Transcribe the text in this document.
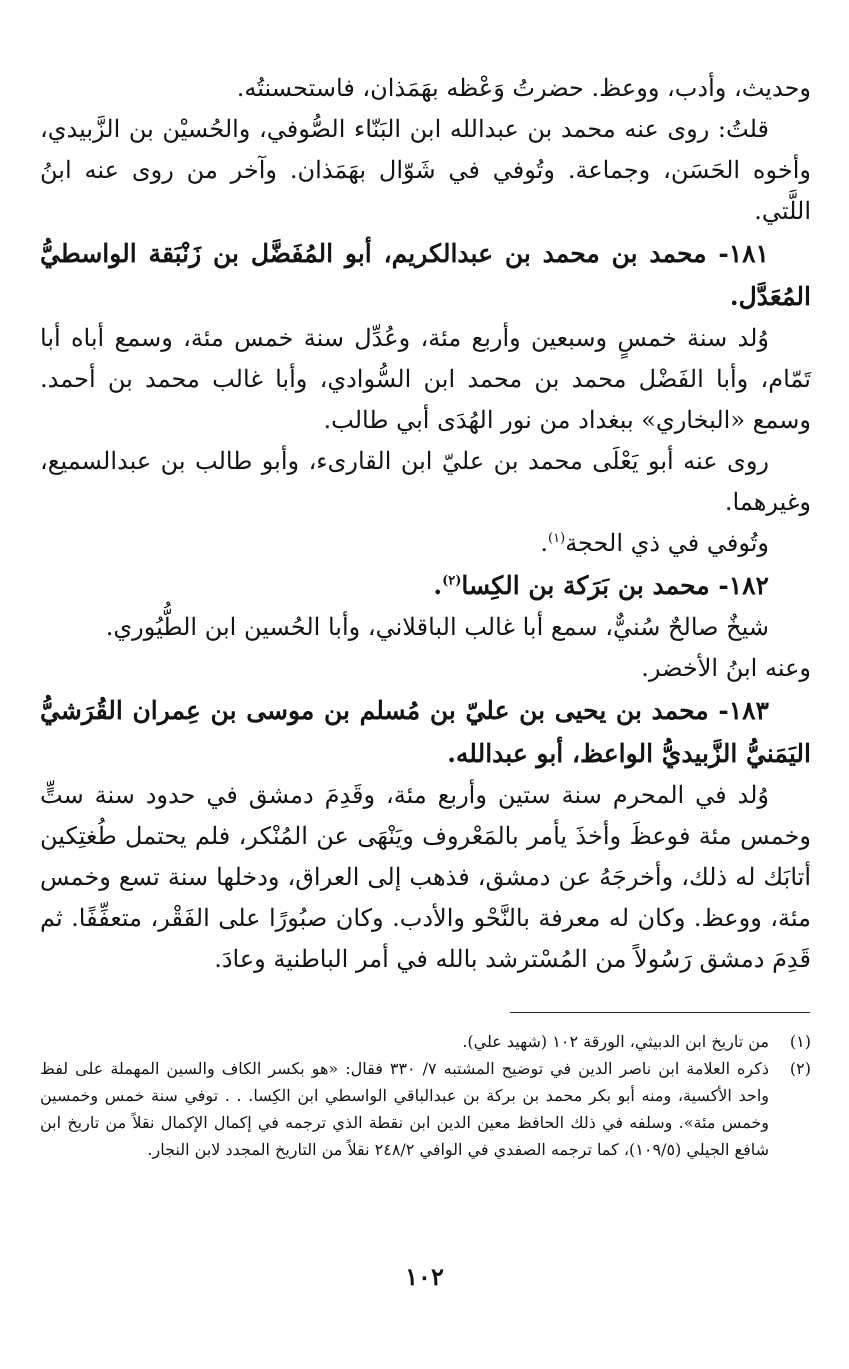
وحديث، وأدب، ووعظ. حضرتُ وَعْظه بهَمَذان، فاستحسنتُه.

قلتُ: روى عنه محمد بن عبدالله ابن البَنّاء الصُّوفي، والحُسيْن بن الزَّبيدي، وأخوه الحَسَن، وجماعة. وتُوفي في شَوّال بهَمَذان. وآخر من روى عنه ابنُ اللَّتي.

١٨١- محمد بن محمد بن عبدالكريم، أبو المُفَضَّل بن زَنْبَقة الواسطيُّ المُعَدَّل.

وُلد سنة خمسٍ وسبعين وأربع مئة، وعُدِّل سنة خمس مئة، وسمع أباه أبا تَمّام، وأبا الفَضْل محمد بن محمد ابن السُّوادي، وأبا غالب محمد بن أحمد. وسمع «البخاري» ببغداد من نور الهُدَى أبي طالب.

روى عنه أبو يَعْلَى محمد بن عليّ ابن القارىء، وأبو طالب بن عبدالسميع، وغيرهما.

وتُوفي في ذي الحجة$^{(١)}$.

١٨٢- محمد بن بَرَكة بن الكِسا$^{(٢)}$.

شيخٌ صالحٌ سُنيٌّ، سمع أبا غالب الباقلاني، وأبا الحُسين ابن الطُّيُوري.

وعنه ابنُ الأخضر.

١٨٣- محمد بن يحيى بن عليّ بن مُسلم بن موسى بن عِمران القُرَشيُّ اليَمَنيُّ الزَّبيديُّ الواعظ، أبو عبدالله.

وُلد في المحرم سنة ستين وأربع مئة، وقَدِمَ دمشق في حدود سنة ستٍّ وخمس مئة فوعظَ وأخذَ يأمر بالمَعْروف ويَنْهَى عن المُنْكر، فلم يحتمل طُغتِكين أتابَك له ذلك، وأخرجَهُ عن دمشق، فذهب إلى العراق، ودخلها سنة تسع وخمس مئة، ووعظ. وكان له معرفة بالنَّحْو والأدب. وكان صبُورًا على الفَقْر، متعفِّفًا. ثم قَدِمَ دمشق رَسُولاً من المُسْترشد بالله في أمر الباطنية وعادَ.

(١)
من تاريخ ابن الدبيثي، الورقة ١٠٢ (شهيد علي).
(٢)
ذكره العلامة ابن ناصر الدين في توضيح المشتبه ٧/ ٣٣٠ فقال: «هو بكسر الكاف والسين المهملة على لفظ واحد الأكسية، ومنه أبو بكر محمد بن بركة بن عبدالباقي الواسطي ابن الكِسا. . . توفي سنة خمس وخمسين وخمس مئة». وسلفه في ذلك الحافظ معين الدين ابن نقطة الذي ترجمه في إكمال الإكمال نقلاً من تاريخ ابن شافع الجيلي (١٠٩/٥)، كما ترجمه الصفدي في الوافي ٢٤٨/٢ نقلاً من التاريخ المجدد لابن النجار.
١٠٢
